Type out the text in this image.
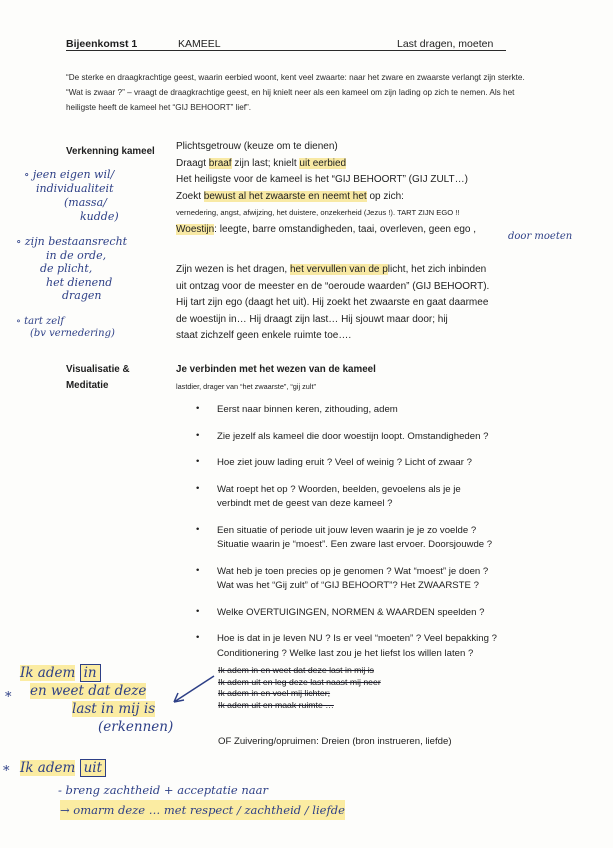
Bijeenkomst 1	KAMEEL	Last dragen, moeten
“De sterke en draagkrachtige geest, waarin eerbied woont, kent veel zwaarte: naar het zware en zwaarste verlangt zijn sterkte. “Wat is zwaar ?” – vraagt de draagkrachtige geest, en hij knielt neer als een kameel om zijn lading op zich te nemen. Als het heiligste heeft de kameel het “GIJ BEHOORT” lief”.
Verkenning kameel Plichtsgetrouw (keuze om te dienen)
Draagt braaf zijn last; knielt uit eerbied
Het heiligste voor de kameel is het “GIJ BEHOORT” (GIJ ZULT…)
Zoekt bewust al het zwaarste en neemt het op zich:
vernedering, angst, afwijzing, het duistere, onzekerheid (Jezus !). TART ZIJN EGO !!
Woestijn: leegte, barre omstandigheden, taai, overleven, geen ego ,
Zijn wezen is het dragen, het vervullen van de plicht, het zich inbinden
uit ontzag voor de meester en de “oeroude waarden” (GIJ BEHOORT).
Hij tart zijn ego (daagt het uit). Hij zoekt het zwaarste en gaat daarmee
de woestijn in… Hij draagt zijn last… Hij sjouwt maar door; hij
staat zichzelf geen enkele ruimte toe….
Visualisatie &
Meditatie
Je verbinden met het wezen van de kameel
lastdier, drager van “het zwaarste”, “gij zult”
•	Eerst naar binnen keren, zithouding, adem
•	Zie jezelf als kameel die door woestijn loopt. Omstandigheden ?
•	Hoe ziet jouw lading eruit ? Veel of weinig ? Licht of zwaar ?
•	Wat roept het op ? Woorden, beelden, gevoelens als je je
verbindt met de geest van deze kameel ?
•	Een situatie of periode uit jouw leven waarin je je zo voelde ?
Situatie waarin je “moest”. Een zware last ervoer. Doorsjouwde ?
•	Wat heb je toen precies op je genomen ? Wat “moest” je doen ?
Wat was het “Gij zult” of “GIJ BEHOORT”? Het ZWAARSTE ?
•	Welke OVERTUIGINGEN, NORMEN & WAARDEN speelden ?
•	Hoe is dat in je leven NU ? Is er veel “moeten” ? Veel bepakking ?
Conditionering ? Welke last zou je het liefst los willen laten ?
Ik adem in en weet dat deze last in mij is
Ik adem uit en leg deze last naast mij neer
Ik adem in en voel mij lichter;
Ik adem uit en maak ruimte …
OF Zuivering/opruimen: Dreien (bron instrueren, liefde)
∘ jeen eigen wil/
individualiteit
(massa/
kudde)
∘ zijn bestaansrecht
in de orde,
de plicht,
het dienend
dragen
∘ tart zelf
(bv vernedering)
door moeten
*
Ik adem in
en weet dat deze
last in mij is
(erkennen)
* Ik adem uit
- breng zachtheid + acceptatie naar
→ omarm deze … met respect / zachtheid / liefde
